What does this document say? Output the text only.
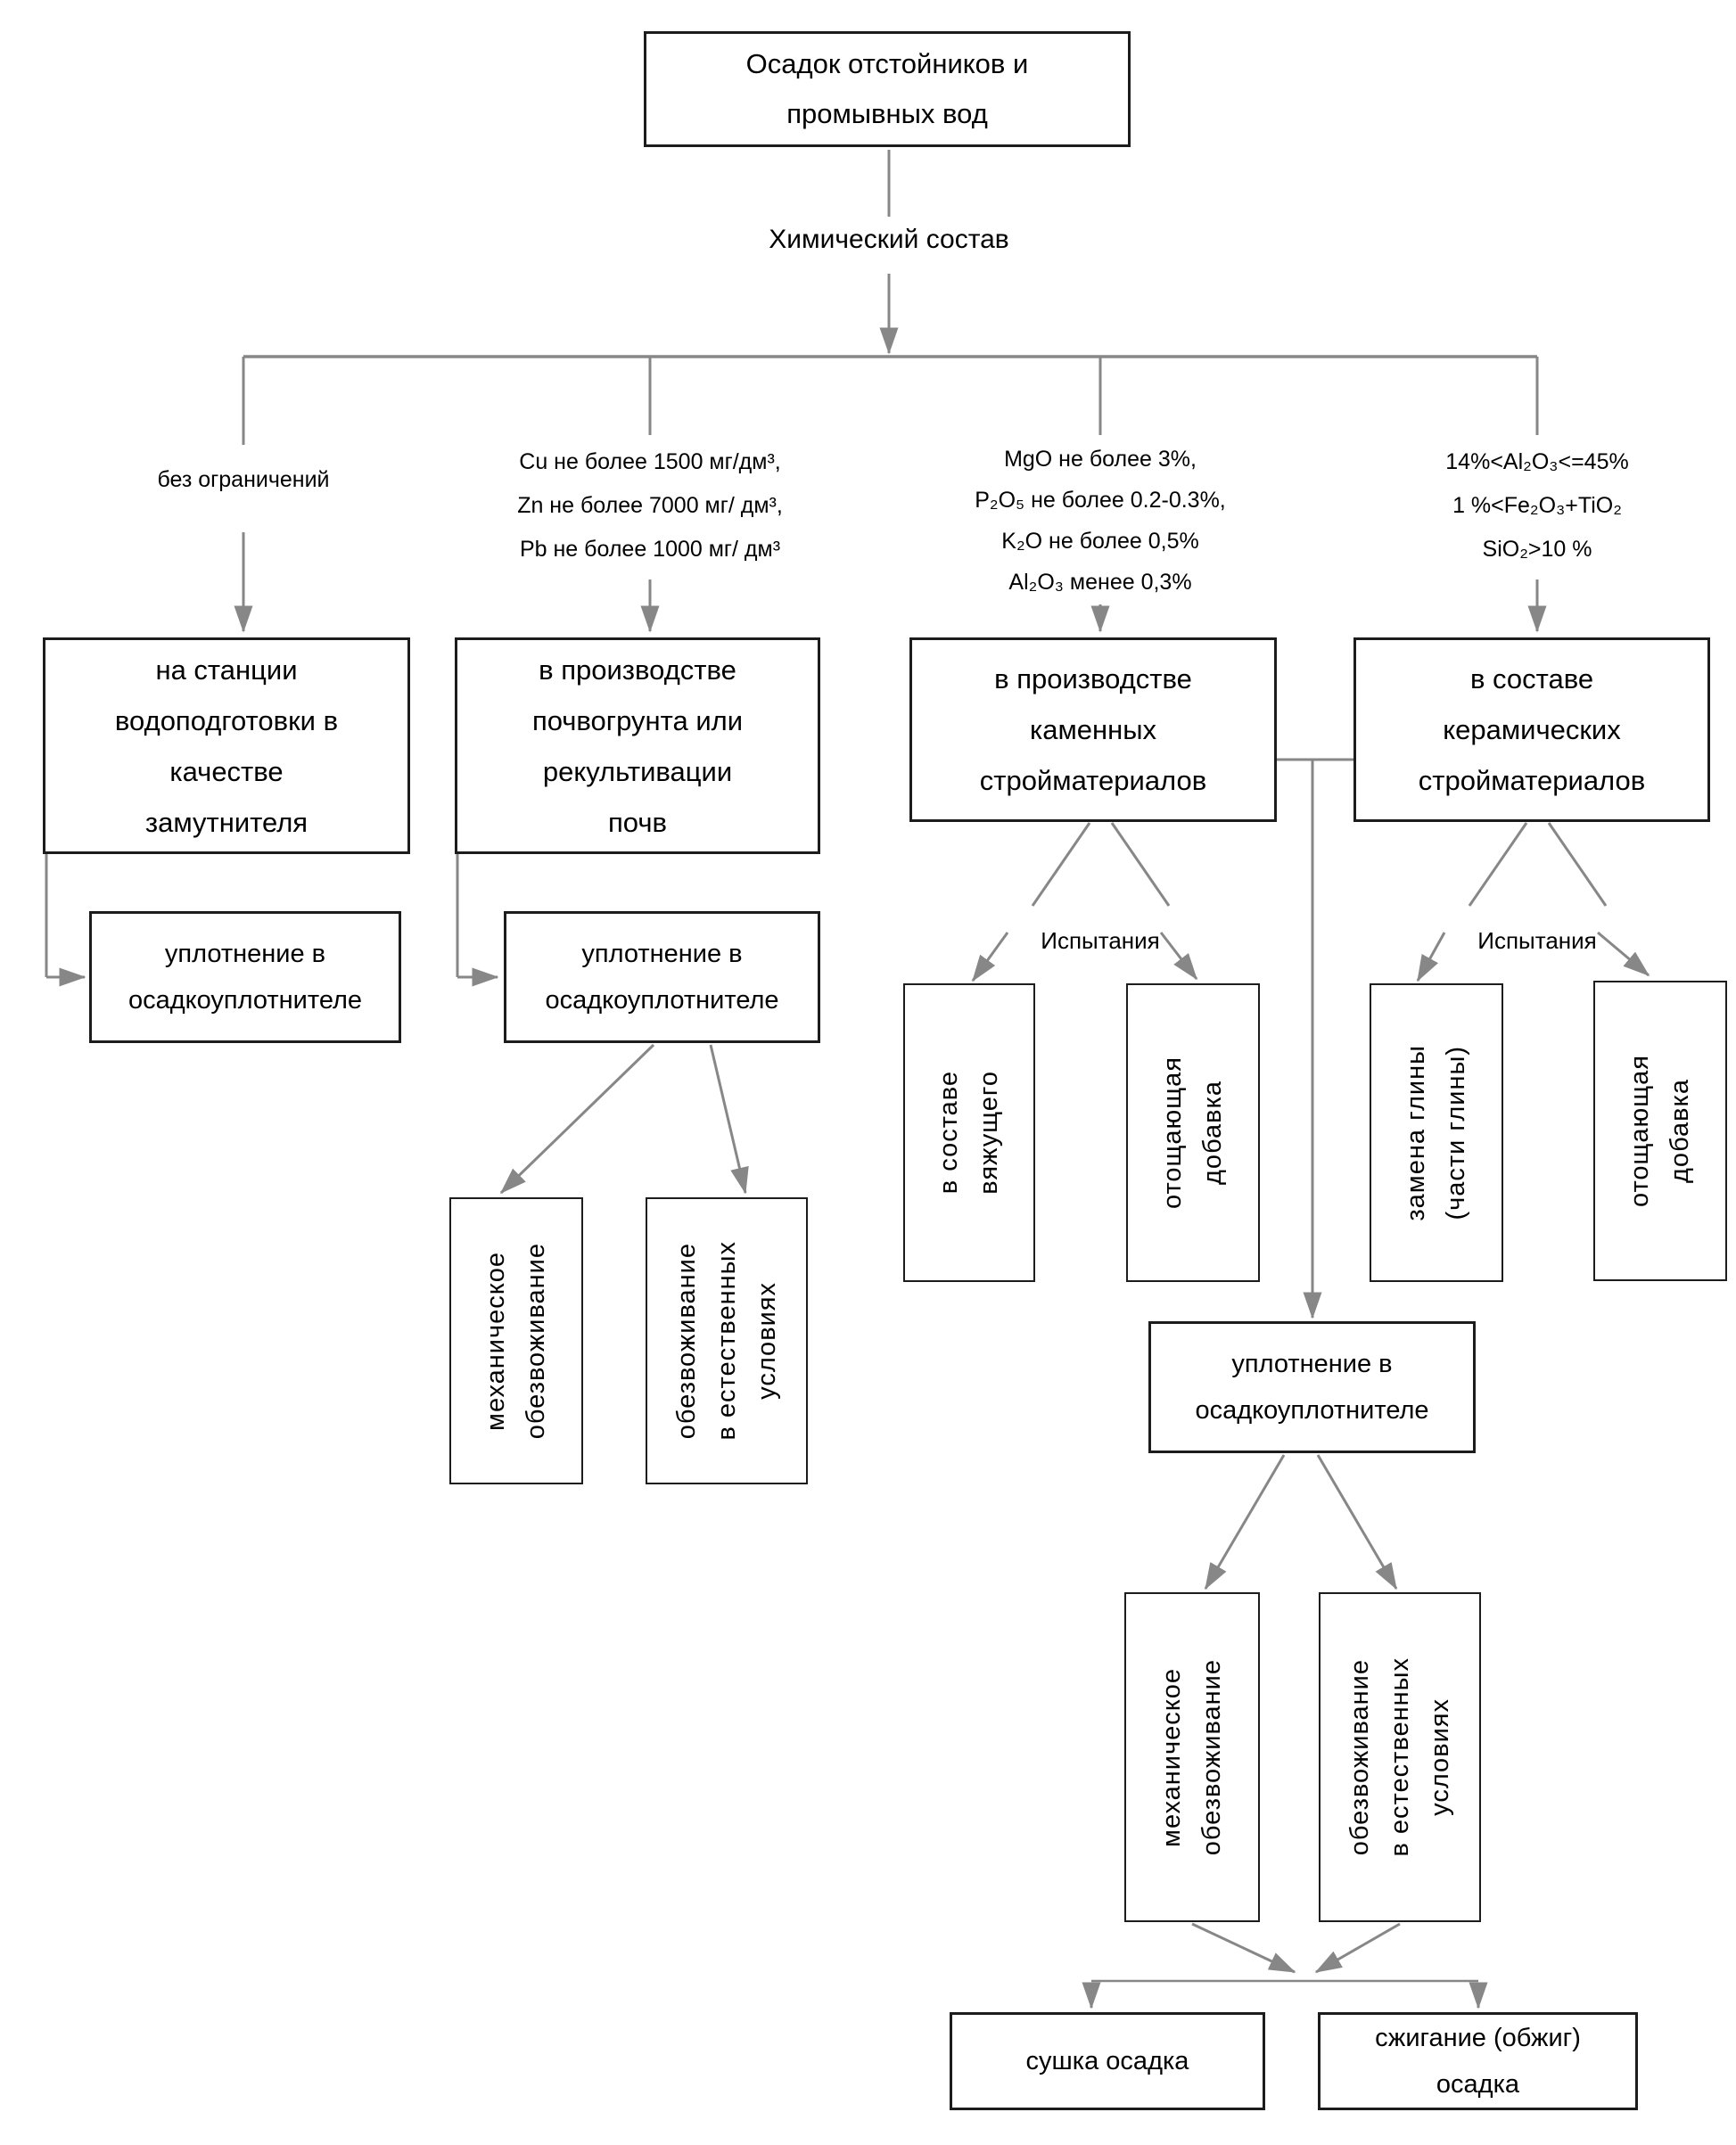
Осадок отстойников и
промывных вод
Химический состав
без ограничений
Cu не более 1500 мг/дм³,
Zn не более 7000 мг/ дм³,
Pb не более 1000 мг/ дм³
MgO не более 3%,
P₂O₅ не более 0.2-0.3%,
K₂O не более 0,5%
Al₂O₃ менее 0,3%
14%<Al₂O₃<=45%
1 %<Fe₂O₃+TiO₂
SiO₂>10 %
на станции
водоподготовки в
качестве
замутнителя
в производстве
почвогрунта или
рекультивации
почв
в производстве
каменных
стройматериалов
в составе
керамических
стройматериалов
уплотнение в
осадкоуплотнителе
уплотнение в
осадкоуплотнителе
уплотнение в
осадкоуплотнителе
Испытания	Испытания
в составе вяжущего	отощающая добавка	замена глины (части глины)	отощающая добавка
механическое обезвоживание	обезвоживание в естественных условиях
механическое обезвоживание	обезвоживание в естественных условиях
сушка осадка
сжигание (обжиг)
осадка
